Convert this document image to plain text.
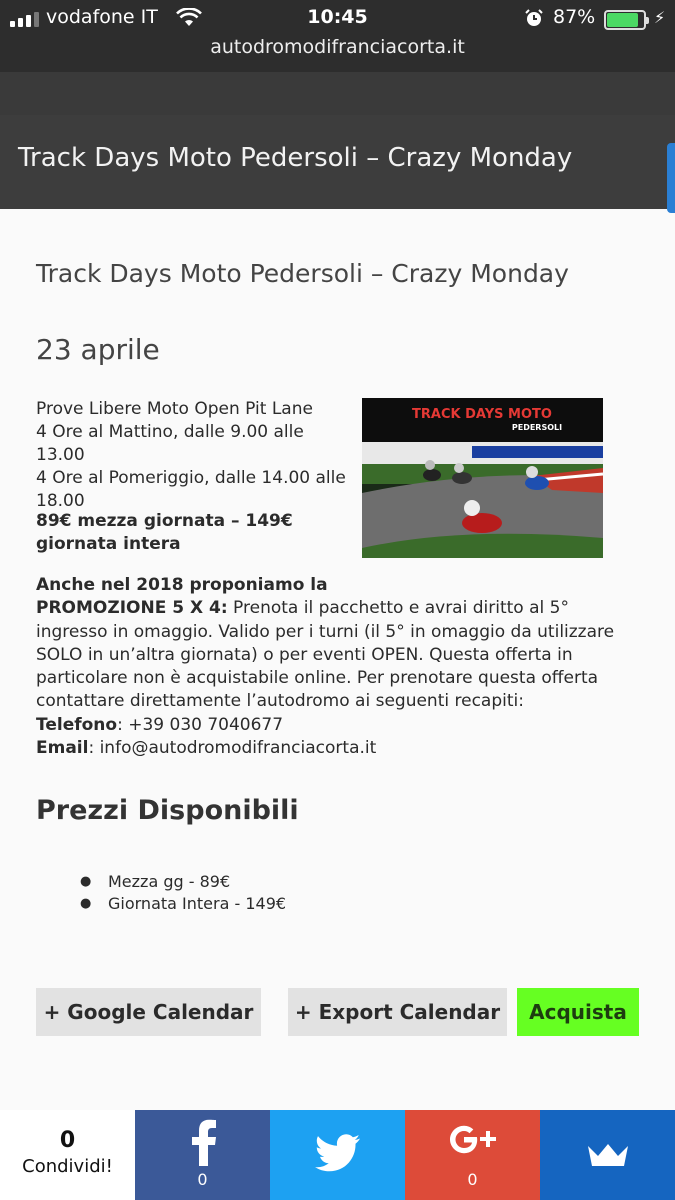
vodafone IT	10:45	87%	⚡
autodromodifranciacorta.it
Track Days Moto Pedersoli – Crazy Monday
Track Days Moto Pedersoli – Crazy Monday
23 aprile
Prove Libere Moto Open Pit Lane
4 Ore al Mattino, dalle 9.00 alle 13.00
4 Ore al Pomeriggio, dalle 14.00 alle 18.00
89€ mezza giornata – 149€ giornata intera
TRACK DAYS MOTO
PEDERSOLI
Anche nel 2018 proponiamo la
PROMOZIONE 5 X 4: Prenota il pacchetto e avrai diritto al 5° ingresso in omaggio. Valido per i turni (il 5° in omaggio da utilizzare SOLO in un’altra giornata) o per eventi OPEN. Questa offerta in particolare non è acquistabile online. Per prenotare questa offerta contattare direttamente l’autodromo ai seguenti recapiti:
Telefono: +39 030 7040677
Email: info@autodromodifranciacorta.it
Prezzi Disponibili
● Mezza gg - 89€
● Giornata Intera - 149€
+ Google Calendar	+ Export Calendar	Acquista
0
Condividi!
0	0
